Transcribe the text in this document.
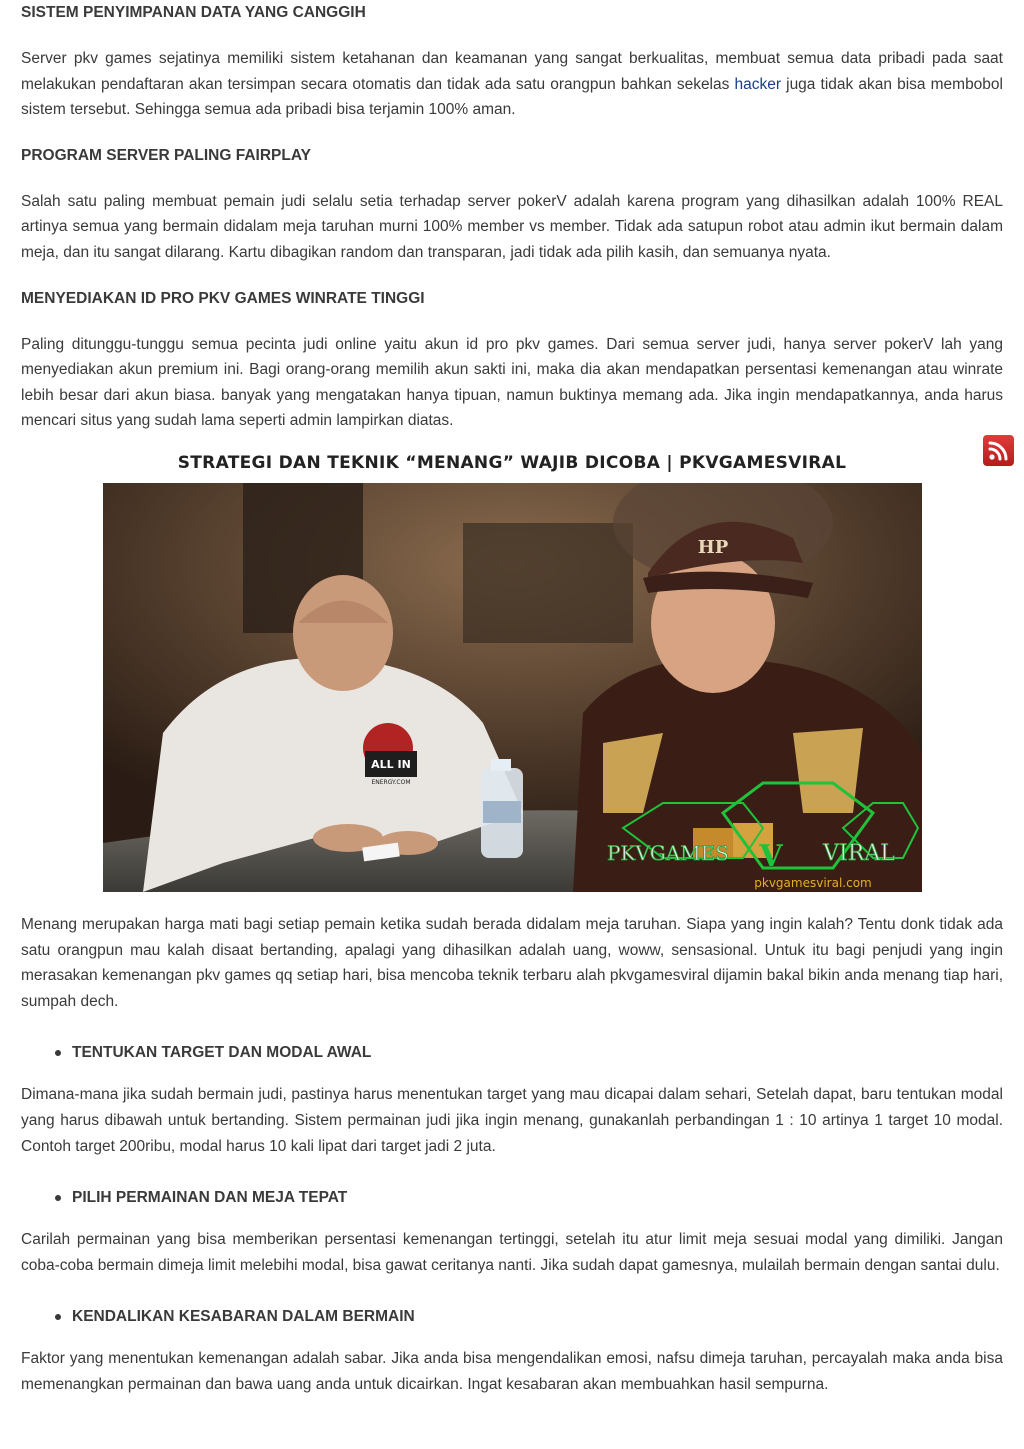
SISTEM PENYIMPANAN DATA YANG CANGGIH

Server pkv games sejatinya memiliki sistem ketahanan dan keamanan yang sangat berkualitas, membuat semua data pribadi pada saat melakukan pendaftaran akan tersimpan secara otomatis dan tidak ada satu orangpun bahkan sekelas hacker juga tidak akan bisa membobol sistem tersebut. Sehingga semua ada pribadi bisa terjamin 100% aman.

PROGRAM SERVER PALING FAIRPLAY

Salah satu paling membuat pemain judi selalu setia terhadap server pokerV adalah karena program yang dihasilkan adalah 100% REAL artinya semua yang bermain didalam meja taruhan murni 100% member vs member. Tidak ada satupun robot atau admin ikut bermain dalam meja, dan itu sangat dilarang. Kartu dibagikan random dan transparan, jadi tidak ada pilih kasih, dan semuanya nyata.

MENYEDIAKAN ID PRO PKV GAMES WINRATE TINGGI

Paling ditunggu-tunggu semua pecinta judi online yaitu akun id pro pkv games. Dari semua server judi, hanya server pokerV lah yang menyediakan akun premium ini. Bagi orang-orang memilih akun sakti ini, maka dia akan mendapatkan persentasi kemenangan atau winrate lebih besar dari akun biasa. banyak yang mengatakan hanya tipuan, namun buktinya memang ada. Jika ingin mendapatkannya, anda harus mencari situs yang sudah lama seperti admin lampirkan diatas.

STRATEGI DAN TEKNIK “MENANG” WAJIB DICOBA | PKVGAMESVIRAL

ALL IN
ENERGY.COM
HP
PKVGAMES V VIRAL
pkvgamesviral.com

Menang merupakan harga mati bagi setiap pemain ketika sudah berada didalam meja taruhan. Siapa yang ingin kalah? Tentu donk tidak ada satu orangpun mau kalah disaat bertanding, apalagi yang dihasilkan adalah uang, woww, sensasional. Untuk itu bagi penjudi yang ingin merasakan kemenangan pkv games qq setiap hari, bisa mencoba teknik terbaru alah pkvgamesviral dijamin bakal bikin anda menang tiap hari, sumpah dech.

TENTUKAN TARGET DAN MODAL AWAL

Dimana-mana jika sudah bermain judi, pastinya harus menentukan target yang mau dicapai dalam sehari, Setelah dapat, baru tentukan modal yang harus dibawah untuk bertanding. Sistem permainan judi jika ingin menang, gunakanlah perbandingan 1 : 10 artinya 1 target 10 modal. Contoh target 200ribu, modal harus 10 kali lipat dari target jadi 2 juta.

PILIH PERMAINAN DAN MEJA TEPAT

Carilah permainan yang bisa memberikan persentasi kemenangan tertinggi, setelah itu atur limit meja sesuai modal yang dimiliki. Jangan coba-coba bermain dimeja limit melebihi modal, bisa gawat ceritanya nanti. Jika sudah dapat gamesnya, mulailah bermain dengan santai dulu.

KENDALIKAN KESABARAN DALAM BERMAIN

Faktor yang menentukan kemenangan adalah sabar. Jika anda bisa mengendalikan emosi, nafsu dimeja taruhan, percayalah maka anda bisa memenangkan permainan dan bawa uang anda untuk dicairkan. Ingat kesabaran akan membuahkan hasil sempurna.
